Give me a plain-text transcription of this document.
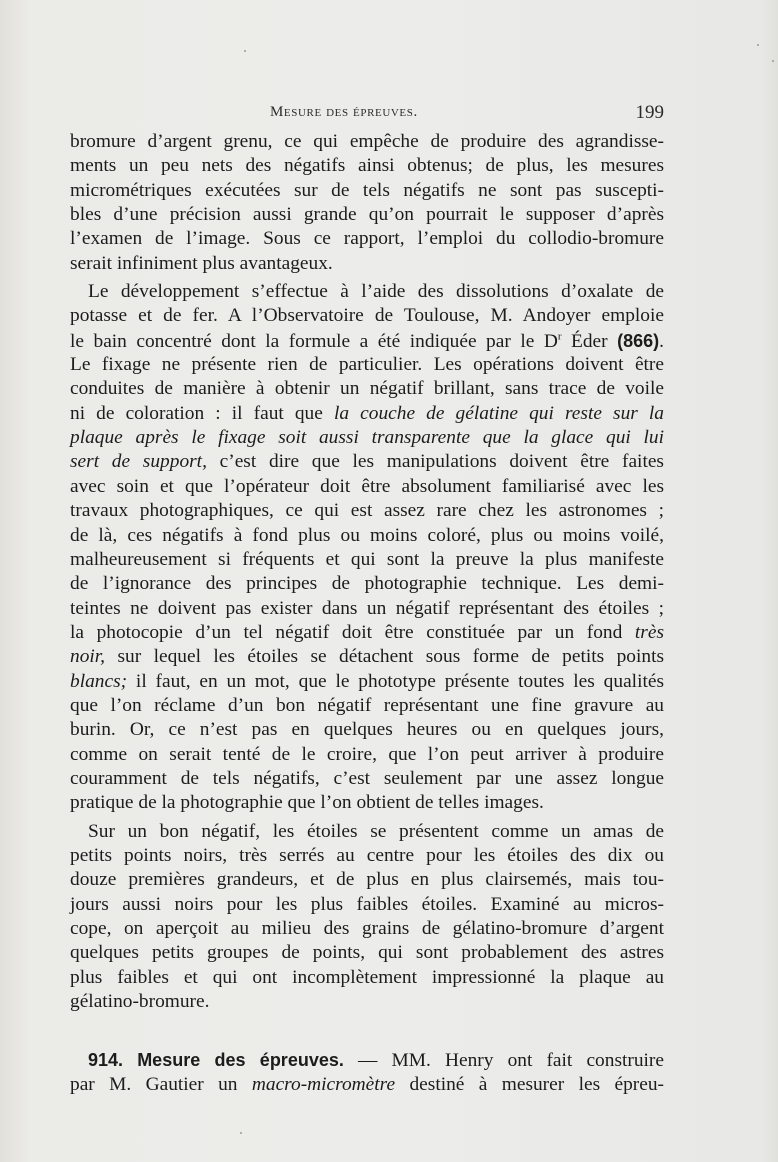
Mesure des épreuves.	199
bromure d’argent grenu, ce qui empêche de produire des agrandisse-
ments un peu nets des négatifs ainsi obtenus; de plus, les mesures
micrométriques exécutées sur de tels négatifs ne sont pas suscepti-
bles d’une précision aussi grande qu’on pourrait le supposer d’après
l’examen de l’image. Sous ce rapport, l’emploi du collodio-bromure
serait infiniment plus avantageux.
Le développement s’effectue à l’aide des dissolutions d’oxalate de
potasse et de fer. A l’Observatoire de Toulouse, M. Andoyer emploie
le bain concentré dont la formule a été indiquée par le $D^r$ Éder (866).
Le fixage ne présente rien de particulier. Les opérations doivent être
conduites de manière à obtenir un négatif brillant, sans trace de voile
ni de coloration : il faut que la couche de gélatine qui reste sur la
plaque après le fixage soit aussi transparente que la glace qui lui
sert de support, c’est dire que les manipulations doivent être faites
avec soin et que l’opérateur doit être absolument familiarisé avec les
travaux photographiques, ce qui est assez rare chez les astronomes ;
de là, ces négatifs à fond plus ou moins coloré, plus ou moins voilé,
malheureusement si fréquents et qui sont la preuve la plus manifeste
de l’ignorance des principes de photographie technique. Les demi-
teintes ne doivent pas exister dans un négatif représentant des étoiles ;
la photocopie d’un tel négatif doit être constituée par un fond très
noir, sur lequel les étoiles se détachent sous forme de petits points
blancs; il faut, en un mot, que le phototype présente toutes les qualités
que l’on réclame d’un bon négatif représentant une fine gravure au
burin. Or, ce n’est pas en quelques heures ou en quelques jours,
comme on serait tenté de le croire, que l’on peut arriver à produire
couramment de tels négatifs, c’est seulement par une assez longue
pratique de la photographie que l’on obtient de telles images.
Sur un bon négatif, les étoiles se présentent comme un amas de
petits points noirs, très serrés au centre pour les étoiles des dix ou
douze premières grandeurs, et de plus en plus clairsemés, mais tou-
jours aussi noirs pour les plus faibles étoiles. Examiné au micros-
cope, on aperçoit au milieu des grains de gélatino-bromure d’argent
quelques petits groupes de points, qui sont probablement des astres
plus faibles et qui ont incomplètement impressionné la plaque au
gélatino-bromure.
914. Mesure des épreuves. — MM. Henry ont fait construire
par M. Gautier un macro-micromètre destiné à mesurer les épreu-
